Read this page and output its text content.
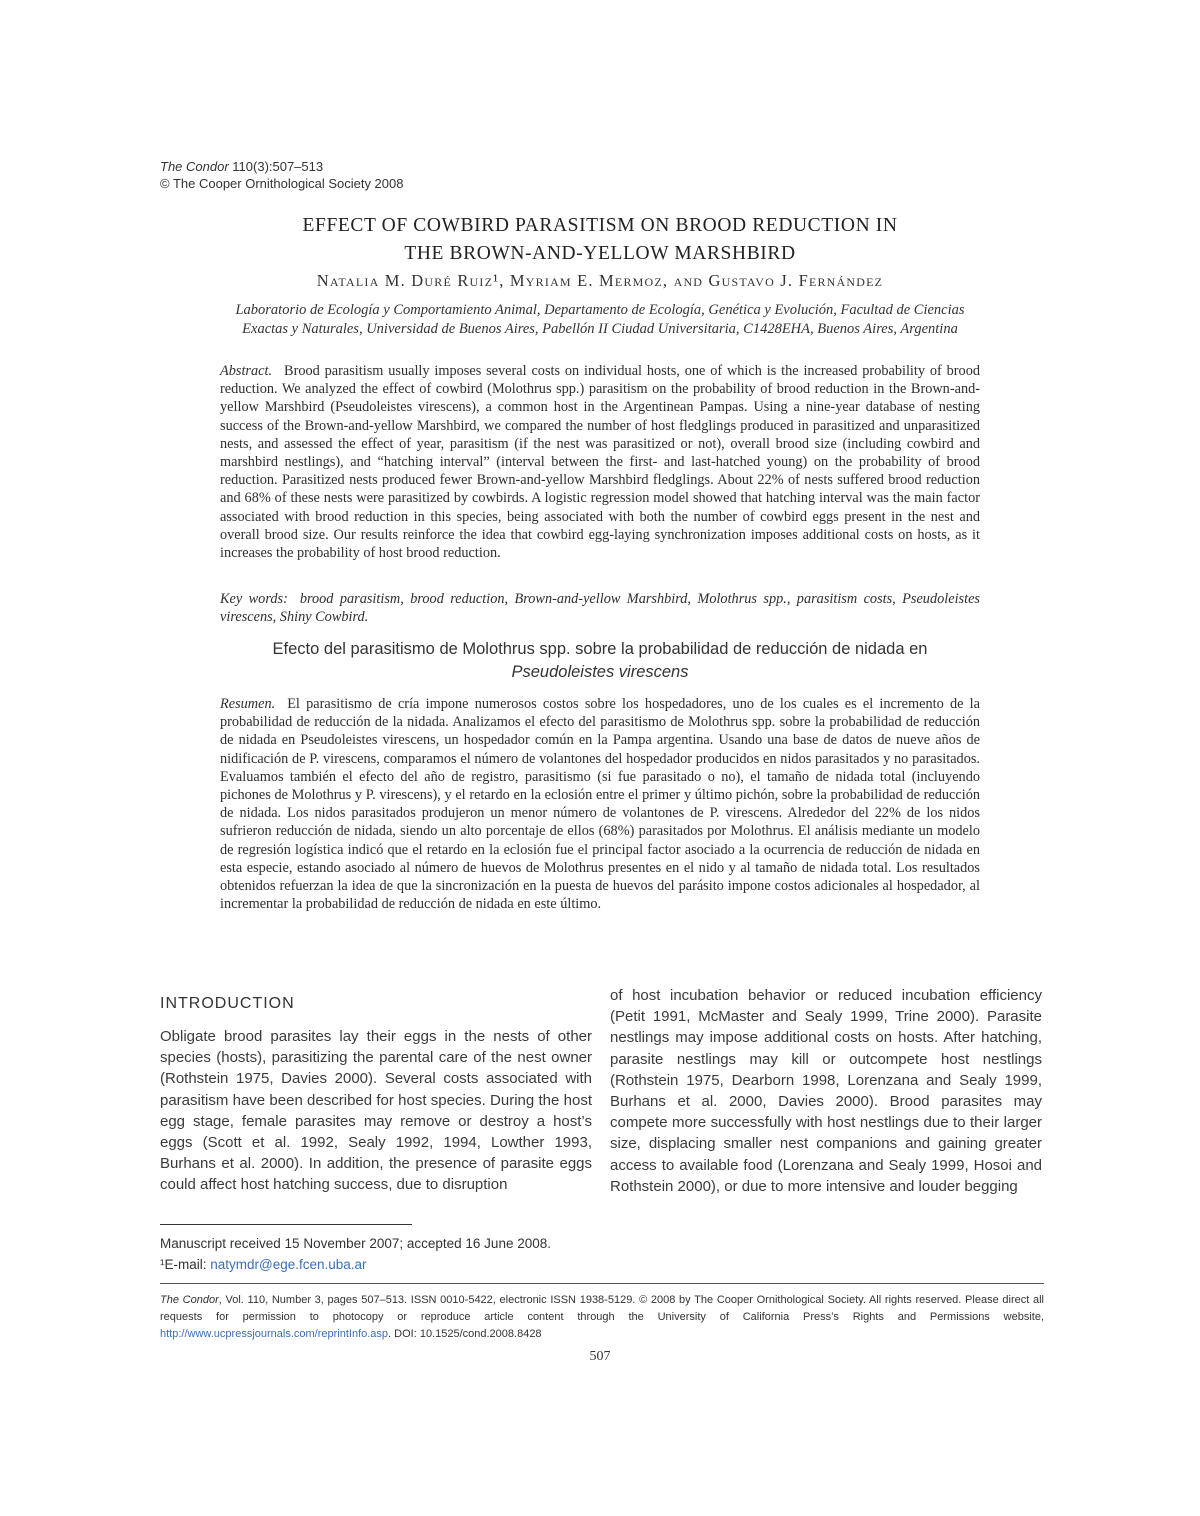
The Condor 110(3):507–513
© The Cooper Ornithological Society 2008
EFFECT OF COWBIRD PARASITISM ON BROOD REDUCTION IN
THE BROWN-AND-YELLOW MARSHBIRD
Natalia M. Duré Ruiz¹, Myriam E. Mermoz, and Gustavo J. Fernández
Laboratorio de Ecología y Comportamiento Animal, Departamento de Ecología, Genética y Evolución, Facultad de Ciencias
Exactas y Naturales, Universidad de Buenos Aires, Pabellón II Ciudad Universitaria, C1428EHA, Buenos Aires, Argentina
Abstract. Brood parasitism usually imposes several costs on individual hosts, one of which is the increased probability of brood reduction. We analyzed the effect of cowbird (Molothrus spp.) parasitism on the probability of brood reduction in the Brown-and-yellow Marshbird (Pseudoleistes virescens), a common host in the Argentinean Pampas. Using a nine-year database of nesting success of the Brown-and-yellow Marshbird, we compared the number of host fledglings produced in parasitized and unparasitized nests, and assessed the effect of year, parasitism (if the nest was parasitized or not), overall brood size (including cowbird and marshbird nestlings), and “hatching interval” (interval between the first- and last-hatched young) on the probability of brood reduction. Parasitized nests produced fewer Brown-and-yellow Marshbird fledglings. About 22% of nests suffered brood reduction and 68% of these nests were parasitized by cowbirds. A logistic regression model showed that hatching interval was the main factor associated with brood reduction in this species, being associated with both the number of cowbird eggs present in the nest and overall brood size. Our results reinforce the idea that cowbird egg-laying synchronization imposes additional costs on hosts, as it increases the probability of host brood reduction.
Key words: brood parasitism, brood reduction, Brown-and-yellow Marshbird, Molothrus spp., parasitism costs, Pseudoleistes virescens, Shiny Cowbird.
Efecto del parasitismo de Molothrus spp. sobre la probabilidad de reducción de nidada en
Pseudoleistes virescens
Resumen. El parasitismo de cría impone numerosos costos sobre los hospedadores, uno de los cuales es el incremento de la probabilidad de reducción de la nidada. Analizamos el efecto del parasitismo de Molothrus spp. sobre la probabilidad de reducción de nidada en Pseudoleistes virescens, un hospedador común en la Pampa argentina. Usando una base de datos de nueve años de nidificación de P. virescens, comparamos el número de volantones del hospedador producidos en nidos parasitados y no parasitados. Evaluamos también el efecto del año de registro, parasitismo (si fue parasitado o no), el tamaño de nidada total (incluyendo pichones de Molothrus y P. virescens), y el retardo en la eclosión entre el primer y último pichón, sobre la probabilidad de reducción de nidada. Los nidos parasitados produjeron un menor número de volantones de P. virescens. Alrededor del 22% de los nidos sufrieron reducción de nidada, siendo un alto porcentaje de ellos (68%) parasitados por Molothrus. El análisis mediante un modelo de regresión logística indicó que el retardo en la eclosión fue el principal factor asociado a la ocurrencia de reducción de nidada en esta especie, estando asociado al número de huevos de Molothrus presentes en el nido y al tamaño de nidada total. Los resultados obtenidos refuerzan la idea de que la sincronización en la puesta de huevos del parásito impone costos adicionales al hospedador, al incrementar la probabilidad de reducción de nidada en este último.
INTRODUCTION
Obligate brood parasites lay their eggs in the nests of other species (hosts), parasitizing the parental care of the nest owner (Rothstein 1975, Davies 2000). Several costs associated with parasitism have been described for host species. During the host egg stage, female parasites may remove or destroy a host’s eggs (Scott et al. 1992, Sealy 1992, 1994, Lowther 1993, Burhans et al. 2000). In addition, the presence of parasite eggs could affect host hatching success, due to disruption
of host incubation behavior or reduced incubation efficiency (Petit 1991, McMaster and Sealy 1999, Trine 2000). Parasite nestlings may impose additional costs on hosts. After hatching, parasite nestlings may kill or outcompete host nestlings (Rothstein 1975, Dearborn 1998, Lorenzana and Sealy 1999, Burhans et al. 2000, Davies 2000). Brood parasites may compete more successfully with host nestlings due to their larger size, displacing smaller nest companions and gaining greater access to available food (Lorenzana and Sealy 1999, Hosoi and Rothstein 2000), or due to more intensive and louder begging
Manuscript received 15 November 2007; accepted 16 June 2008.
¹E-mail: natymdr@ege.fcen.uba.ar
The Condor, Vol. 110, Number 3, pages 507–513. ISSN 0010-5422, electronic ISSN 1938-5129. © 2008 by The Cooper Ornithological Society. All rights reserved. Please direct all requests for permission to photocopy or reproduce article content through the University of California Press’s Rights and Permissions website, http://www.ucpressjournals.com/reprintInfo.asp. DOI: 10.1525/cond.2008.8428
507
